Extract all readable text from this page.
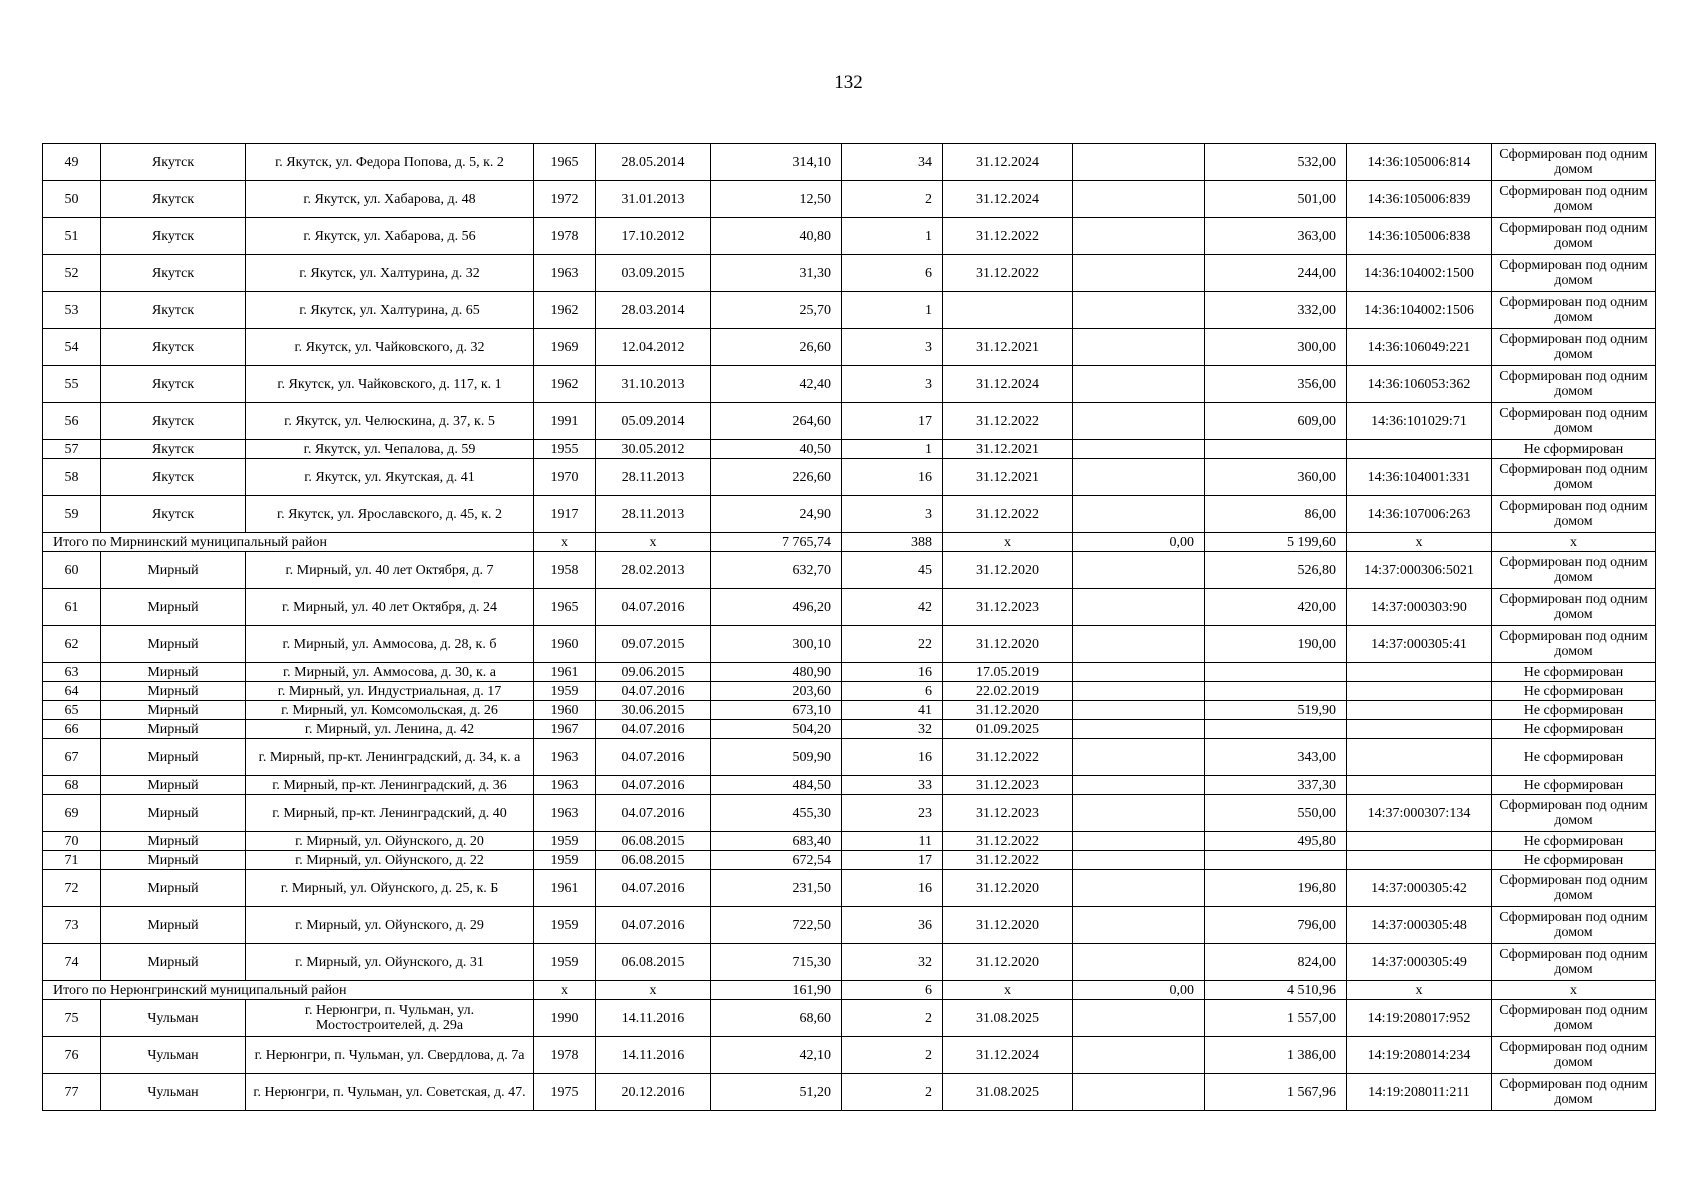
132
49	Якутск	г. Якутск, ул. Федора Попова, д. 5, к. 2	1965	28.05.2014	314,10	34	31.12.2024		532,00	14:36:105006:814	Сформирован под одним домом
50	Якутск	г. Якутск, ул. Хабарова, д. 48	1972	31.01.2013	12,50	2	31.12.2024		501,00	14:36:105006:839	Сформирован под одним домом
51	Якутск	г. Якутск, ул. Хабарова, д. 56	1978	17.10.2012	40,80	1	31.12.2022		363,00	14:36:105006:838	Сформирован под одним домом
52	Якутск	г. Якутск, ул. Халтурина, д. 32	1963	03.09.2015	31,30	6	31.12.2022		244,00	14:36:104002:1500	Сформирован под одним домом
53	Якутск	г. Якутск, ул. Халтурина, д. 65	1962	28.03.2014	25,70	1			332,00	14:36:104002:1506	Сформирован под одним домом
54	Якутск	г. Якутск, ул. Чайковского, д. 32	1969	12.04.2012	26,60	3	31.12.2021		300,00	14:36:106049:221	Сформирован под одним домом
55	Якутск	г. Якутск, ул. Чайковского, д. 117, к. 1	1962	31.10.2013	42,40	3	31.12.2024		356,00	14:36:106053:362	Сформирован под одним домом
56	Якутск	г. Якутск, ул. Челюскина, д. 37, к. 5	1991	05.09.2014	264,60	17	31.12.2022		609,00	14:36:101029:71	Сформирован под одним домом
57	Якутск	г. Якутск, ул. Чепалова, д. 59	1955	30.05.2012	40,50	1	31.12.2021				Не сформирован
58	Якутск	г. Якутск, ул. Якутская, д. 41	1970	28.11.2013	226,60	16	31.12.2021		360,00	14:36:104001:331	Сформирован под одним домом
59	Якутск	г. Якутск, ул. Ярославского, д. 45, к. 2	1917	28.11.2013	24,90	3	31.12.2022		86,00	14:36:107006:263	Сформирован под одним домом
Итого по Мирнинский муниципальный район			х	х	7 765,74	388	х	0,00	5 199,60	х	х
60	Мирный	г. Мирный, ул. 40 лет Октября, д. 7	1958	28.02.2013	632,70	45	31.12.2020		526,80	14:37:000306:5021	Сформирован под одним домом
61	Мирный	г. Мирный, ул. 40 лет Октября, д. 24	1965	04.07.2016	496,20	42	31.12.2023		420,00	14:37:000303:90	Сформирован под одним домом
62	Мирный	г. Мирный, ул. Аммосова, д. 28, к. б	1960	09.07.2015	300,10	22	31.12.2020		190,00	14:37:000305:41	Сформирован под одним домом
63	Мирный	г. Мирный, ул. Аммосова, д. 30, к. а	1961	09.06.2015	480,90	16	17.05.2019				Не сформирован
64	Мирный	г. Мирный, ул. Индустриальная, д. 17	1959	04.07.2016	203,60	6	22.02.2019				Не сформирован
65	Мирный	г. Мирный, ул. Комсомольская, д. 26	1960	30.06.2015	673,10	41	31.12.2020		519,90		Не сформирован
66	Мирный	г. Мирный, ул. Ленина, д. 42	1967	04.07.2016	504,20	32	01.09.2025				Не сформирован
67	Мирный	г. Мирный, пр-кт. Ленинградский, д. 34, к. а	1963	04.07.2016	509,90	16	31.12.2022		343,00		Не сформирован
68	Мирный	г. Мирный, пр-кт. Ленинградский, д. 36	1963	04.07.2016	484,50	33	31.12.2023		337,30		Не сформирован
69	Мирный	г. Мирный, пр-кт. Ленинградский, д. 40	1963	04.07.2016	455,30	23	31.12.2023		550,00	14:37:000307:134	Сформирован под одним домом
70	Мирный	г. Мирный, ул. Ойунского, д. 20	1959	06.08.2015	683,40	11	31.12.2022		495,80		Не сформирован
71	Мирный	г. Мирный, ул. Ойунского, д. 22	1959	06.08.2015	672,54	17	31.12.2022				Не сформирован
72	Мирный	г. Мирный, ул. Ойунского, д. 25, к. Б	1961	04.07.2016	231,50	16	31.12.2020		196,80	14:37:000305:42	Сформирован под одним домом
73	Мирный	г. Мирный, ул. Ойунского, д. 29	1959	04.07.2016	722,50	36	31.12.2020		796,00	14:37:000305:48	Сформирован под одним домом
74	Мирный	г. Мирный, ул. Ойунского, д. 31	1959	06.08.2015	715,30	32	31.12.2020		824,00	14:37:000305:49	Сформирован под одним домом
Итого по Нерюнгринский муниципальный район			х	х	161,90	6	х	0,00	4 510,96	х	х
75	Чульман	г. Нерюнгри, п. Чульман, ул. Мостостроителей, д. 29а	1990	14.11.2016	68,60	2	31.08.2025		1 557,00	14:19:208017:952	Сформирован под одним домом
76	Чульман	г. Нерюнгри, п. Чульман, ул. Свердлова, д. 7а	1978	14.11.2016	42,10	2	31.12.2024		1 386,00	14:19:208014:234	Сформирован под одним домом
77	Чульман	г. Нерюнгри, п. Чульман, ул. Советская, д. 47.	1975	20.12.2016	51,20	2	31.08.2025		1 567,96	14:19:208011:211	Сформирован под одним домом
